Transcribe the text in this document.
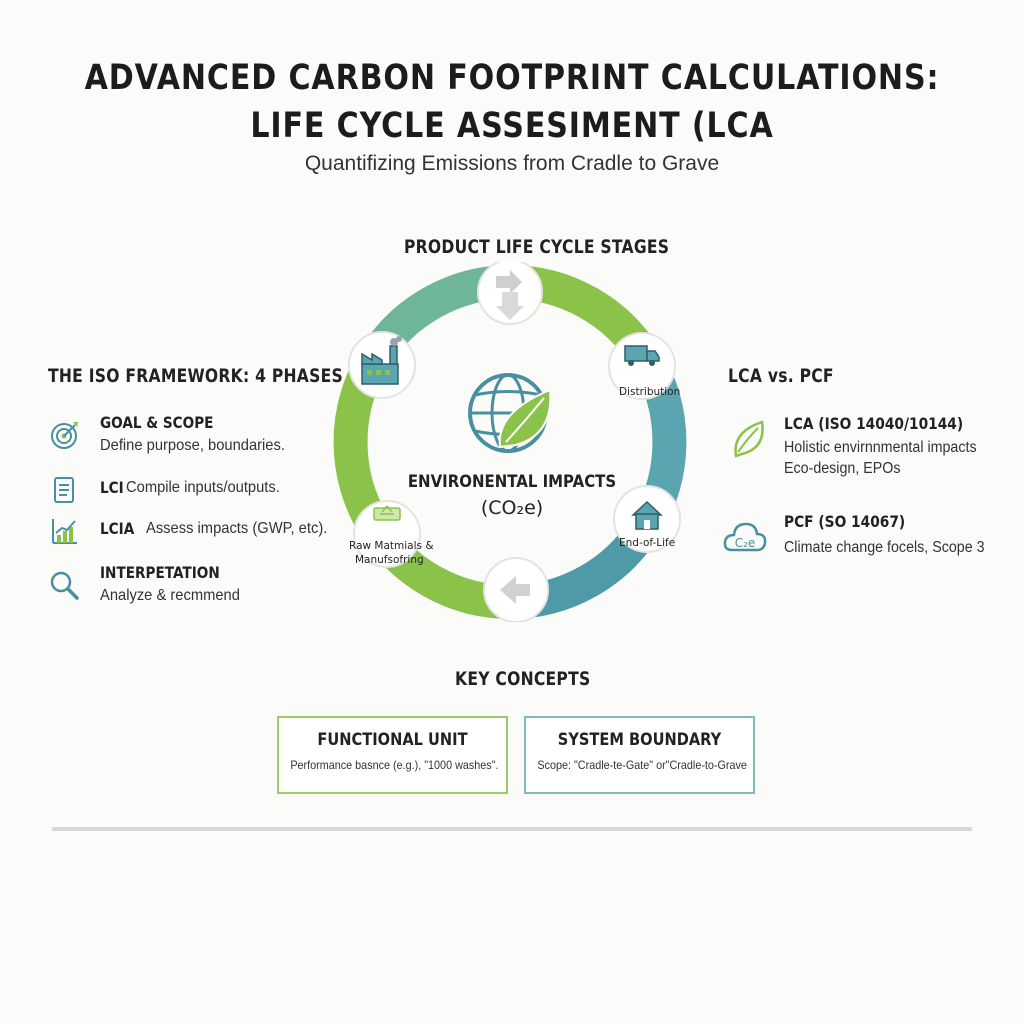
ADVANCED CARBON FOOTPRINT CALCULATIONS:
LIFE CYCLE ASSESIMENT (LCA
Quantifizing Emissions from Cradle to Grave
PRODUCT LIFE CYCLE STAGES
THE ISO FRAMEWORK: 4 PHASES	LCA vs. PCF
GOAL & SCOPE
Define purpose, boundaries.
LCI Compile inputs/outputs.
LCIA Assess impacts (GWP, etc).
INTERPETATION
Analyze & recmmend
ENVIRONENTAL IMPACTS
(CO₂e)
Distribution
End-of-Life
Raw Matmials &
Manufsofring
LCA (ISO 14040/10144)
Holistic envirnnmental impacts
Eco-design, EPOs
C₂e
PCF (SO 14067)
Climate change focels, Scope 3
KEY CONCEPTS
FUNCTIONAL UNIT
Performance basnce (e.g.), "1000 washes".
SYSTEM BOUNDARY
Scope: "Cradle-te-Gate" or"Cradle-to-Grave
